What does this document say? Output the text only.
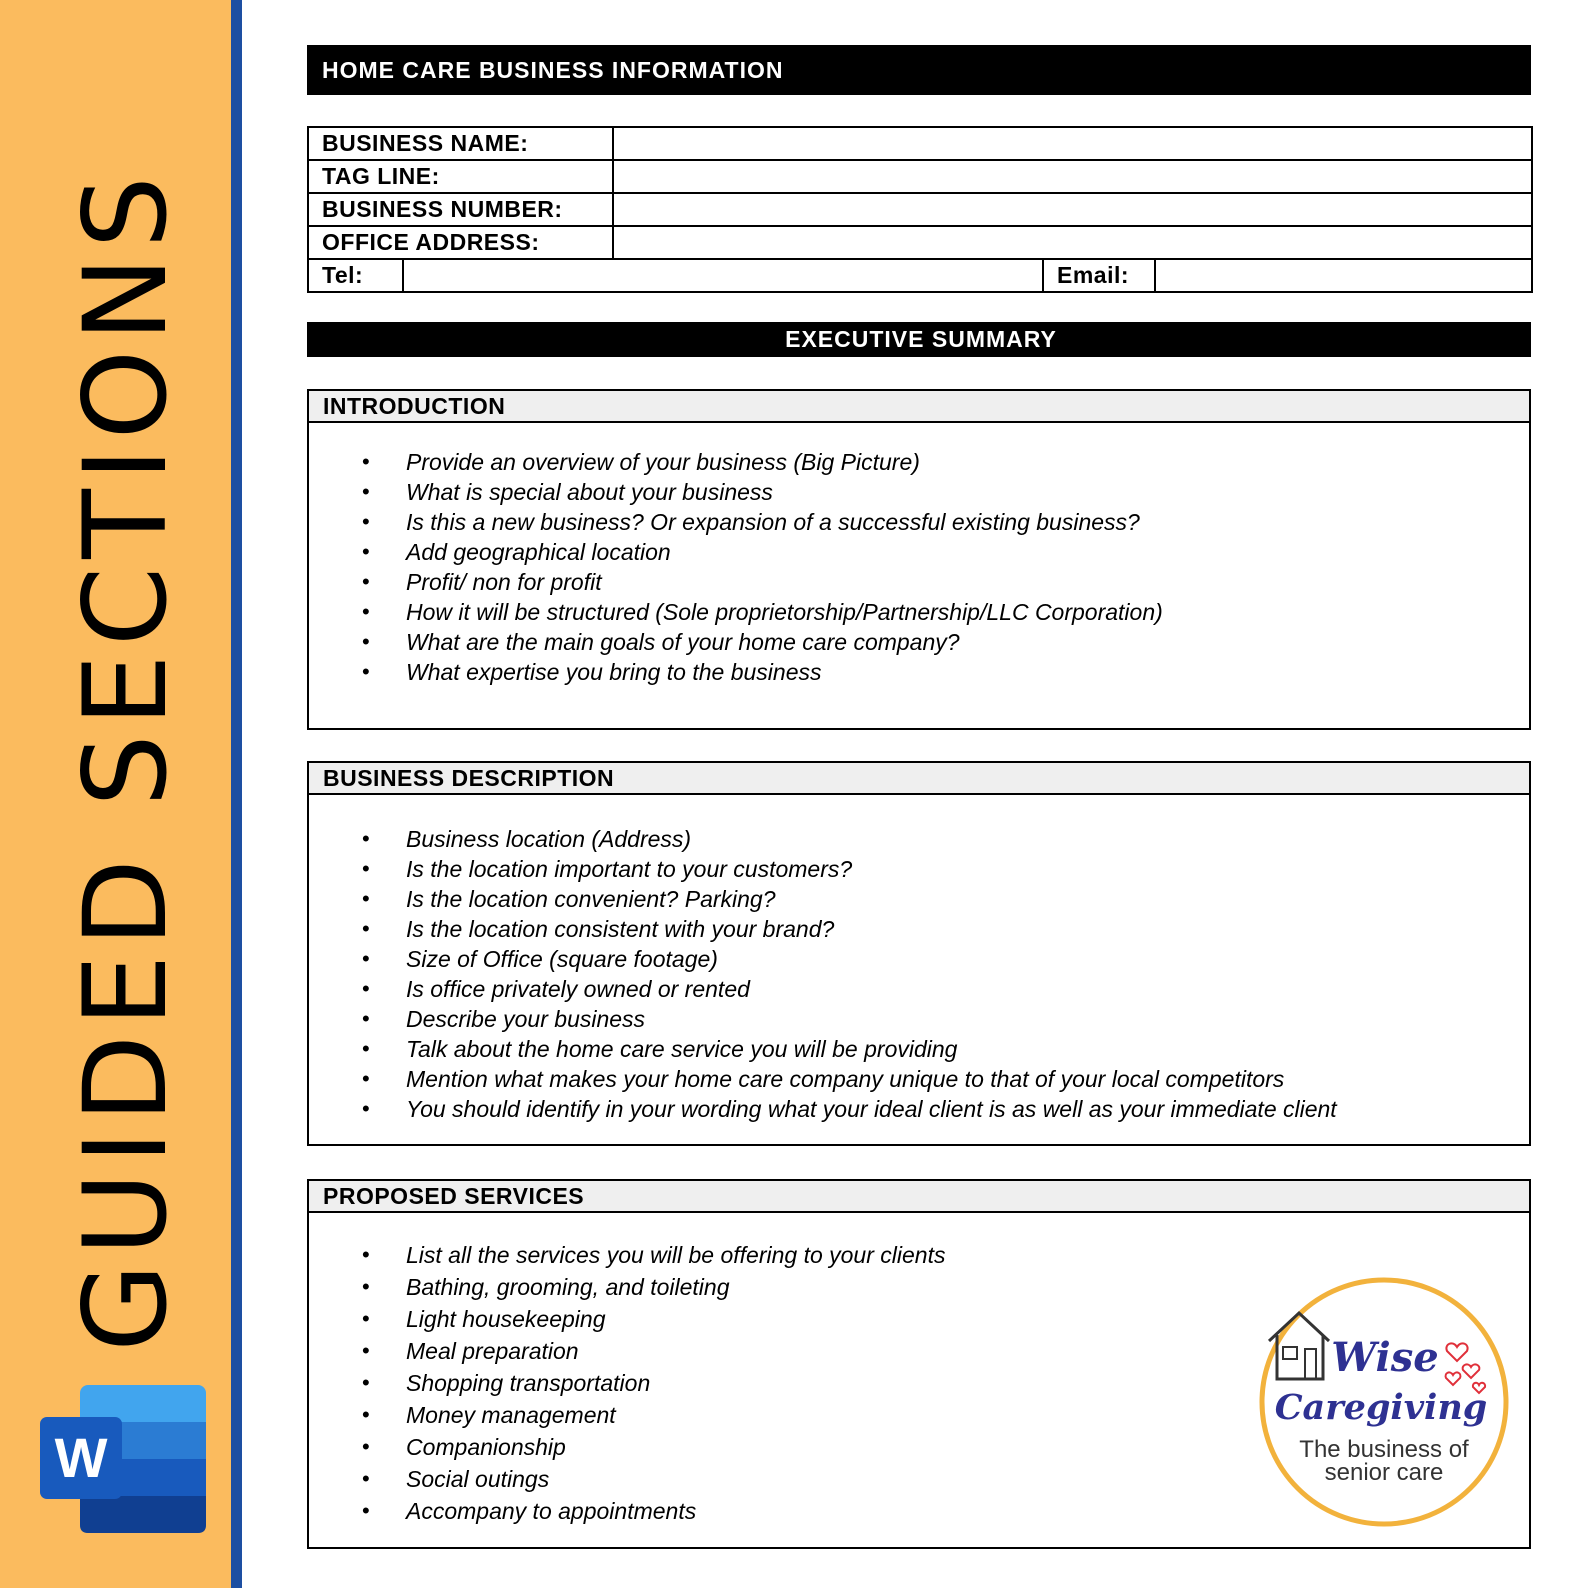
GUIDED SECTIONS
W
HOME CARE BUSINESS INFORMATION
BUSINESS NAME:				
TAG LINE:				
BUSINESS NUMBER:				
OFFICE ADDRESS:				
Tel:			Email:	
EXECUTIVE SUMMARY
INTRODUCTION
• Provide an overview of your business (Big Picture)
• What is special about your business
• Is this a new business? Or expansion of a successful existing business?
• Add geographical location
• Profit/ non for profit
• How it will be structured (Sole proprietorship/Partnership/LLC Corporation)
• What are the main goals of your home care company?
• What expertise you bring to the business
BUSINESS DESCRIPTION
• Business location (Address)
• Is the location important to your customers?
• Is the location convenient? Parking?
• Is the location consistent with your brand?
• Size of Office (square footage)
• Is office privately owned or rented
• Describe your business
• Talk about the home care service you will be providing
• Mention what makes your home care company unique to that of your local competitors
• You should identify in your wording what your ideal client is as well as your immediate client
PROPOSED SERVICES
• List all the services you will be offering to your clients
• Bathing, grooming, and toileting
• Light housekeeping
• Meal preparation
• Shopping transportation
• Money management
• Companionship
• Social outings
• Accompany to appointments
Wise
Caregiving
The business of
senior care
